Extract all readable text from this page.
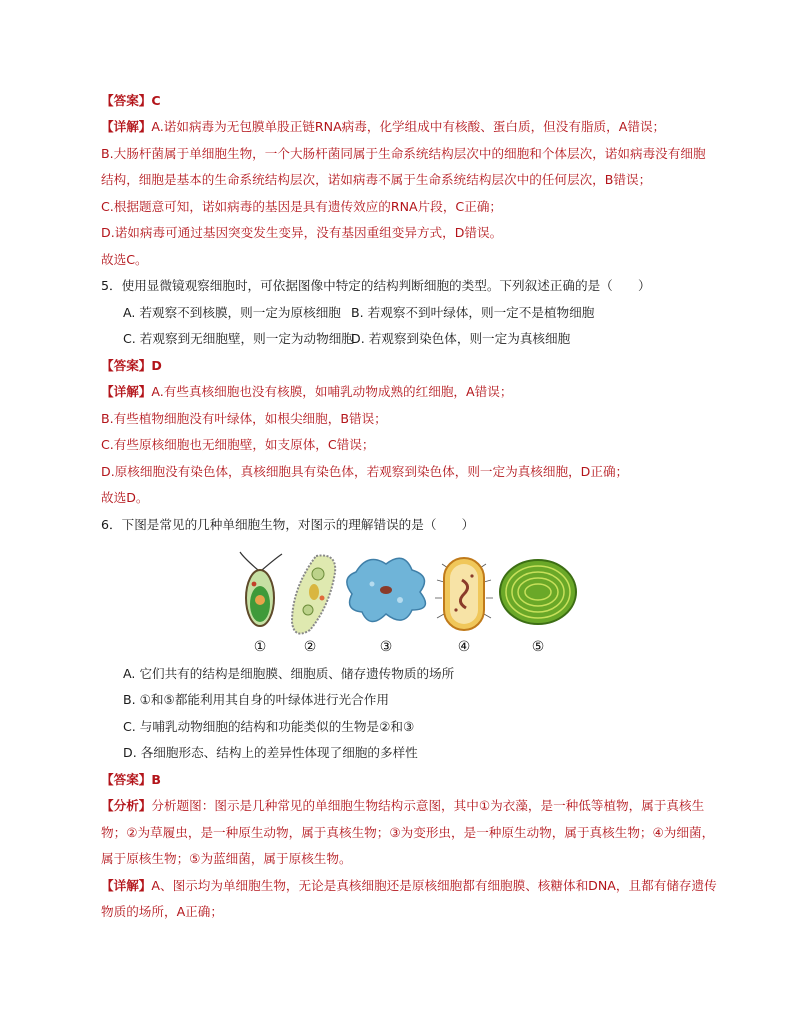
【答案】C
【详解】A.诺如病毒为无包膜单股正链RNA病毒，化学组成中有核酸、蛋白质，但没有脂质，A错误；
B.大肠杆菌属于单细胞生物，一个大肠杆菌同属于生命系统结构层次中的细胞和个体层次，诺如病毒没有细胞
结构，细胞是基本的生命系统结构层次，诺如病毒不属于生命系统结构层次中的任何层次，B错误；
C.根据题意可知，诺如病毒的基因是具有遗传效应的RNA片段，C正确；
D.诺如病毒可通过基因突变发生变异，没有基因重组变异方式，D错误。
故选C。
5．使用显微镜观察细胞时，可依据图像中特定的结构判断细胞的类型。下列叙述正确的是（　　）
A. 若观察不到核膜，则一定为原核细胞 B. 若观察不到叶绿体，则一定不是植物细胞
C. 若观察到无细胞壁，则一定为动物细胞
D. 若观察到染色体，则一定为真核细胞
【答案】D
【详解】A.有些真核细胞也没有核膜，如哺乳动物成熟的红细胞，A错误；
B.有些植物细胞没有叶绿体，如根尖细胞，B错误；
C.有些原核细胞也无细胞壁，如支原体，C错误；
D.原核细胞没有染色体，真核细胞具有染色体，若观察到染色体，则一定为真核细胞，D正确；
故选D。
6．下图是常见的几种单细胞生物，对图示的理解错误的是（　　）
①	②	③	④	⑤
A. 它们共有的结构是细胞膜、细胞质、储存遗传物质的场所
B. ①和⑤都能利用其自身的叶绿体进行光合作用
C. 与哺乳动物细胞的结构和功能类似的生物是②和③
D. 各细胞形态、结构上的差异性体现了细胞的多样性
【答案】B
【分析】分析题图：图示是几种常见的单细胞生物结构示意图，其中①为衣藻，是一种低等植物，属于真核生
物；②为草履虫，是一种原生动物，属于真核生物；③为变形虫，是一种原生动物，属于真核生物；④为细菌，
属于原核生物；⑤为蓝细菌，属于原核生物。
【详解】A、图示均为单细胞生物，无论是真核细胞还是原核细胞都有细胞膜、核糖体和DNA，且都有储存遗传
物质的场所，A正确；
